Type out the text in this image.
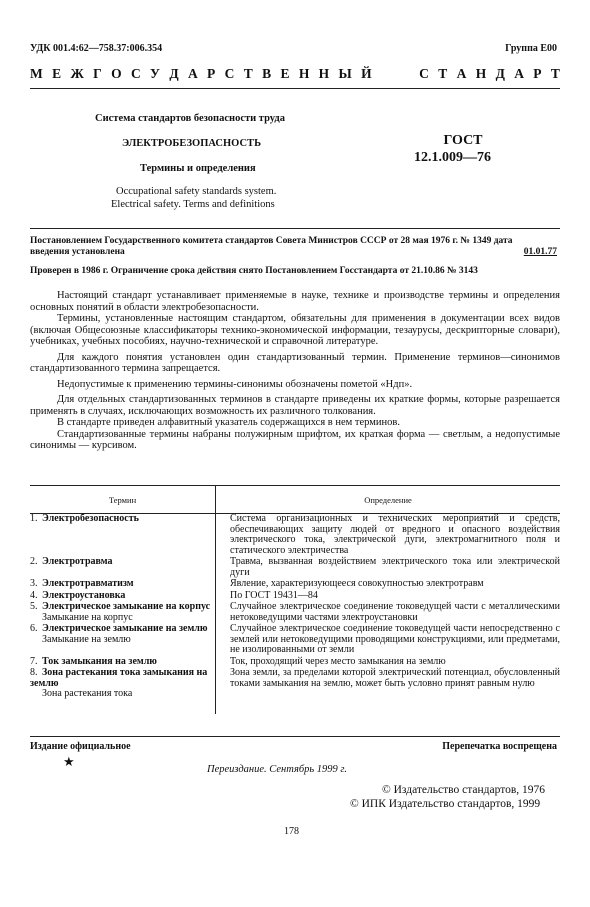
УДК 001.4:62—758.37:006.354	Группа Е00
М Е Ж Г О С У Д А Р С Т В Е Н Н Ы Й

	С Т А Н Д А Р Т
Система стандартов безопасности труда
ЭЛЕКТРОБЕЗОПАСНОСТЬ
Термины и определения
ГОСТ
12.1.009—76
Occupational safety standards system.
Electrical safety. Terms and definitions
Постановлением Государственного комитета стандартов Совета Министров СССР от 28 мая 1976 г. № 1349 дата
введения установлена	01.01.77
Проверен в 1986 г. Ограничение срока действия снято Постановлением Госстандарта от 21.10.86 № 3143

Настоящий стандарт устанавливает применяемые в науке, технике и производстве термины и определения основных понятий в области электробезопасности.

Термины, установленные настоящим стандартом, обязательны для применения в документации всех видов (включая Общесоюзные классификаторы технико-экономической информации, тезаурусы, дескрипторные словари), учебниках, учебных пособиях, научно-технической и справочной литературе.

Для каждого понятия установлен один стандартизованный термин. Применение терминов—синонимов стандартизованного термина запрещается.

Недопустимые к применению термины-синонимы обозначены пометой «Ндп».

Для отдельных стандартизованных терминов в стандарте приведены их краткие формы, которые разрешается применять в случаях, исключающих возможность их различного толкования.

В стандарте приведен алфавитный указатель содержащихся в нем терминов.

Стандартизованные термины набраны полужирным шрифтом, их краткая форма — светлым, а недопустимые синонимы — курсивом.

Термин	Определение
1. Электробезопасность	Система организационных и технических мероприятий и средств, обеспечивающих защиту людей от вредного и опасного воздействия электрического тока, электрической дуги, электромагнитного поля и статического электричества
2. Электротравма	Травма, вызванная воздействием электрического тока или электрической дуги
3. Электротравматизм	Явление, характеризующееся совокупностью электротравм
4. Электроустановка	По ГОСТ 19431—84
5. Электрическое замыкание на корпус
Замыкание на корпус	Случайное электрическое соединение токоведущей части с металлическими нетоковедущими частями электроустановки
6. Электрическое замыкание на землю
Замыкание на землю	Случайное электрическое соединение токоведущей части непосредственно с землей или нетоковедущими проводящими конструкциями, или предметами, не изолированными от земли
7. Ток замыкания на землю	Ток, проходящий через место замыкания на землю
8. Зона растекания тока замыкания на землю
Зона растекания тока	Зона земли, за пределами которой электрический потенциал, обусловленный токами замыкания на землю, может быть условно принят равным нулю
Издание официальное	Перепечатка воспрещена
★
Переиздание. Сентябрь 1999 г.
© Издательство стандартов, 1976
© ИПК Издательство стандартов, 1999
178
